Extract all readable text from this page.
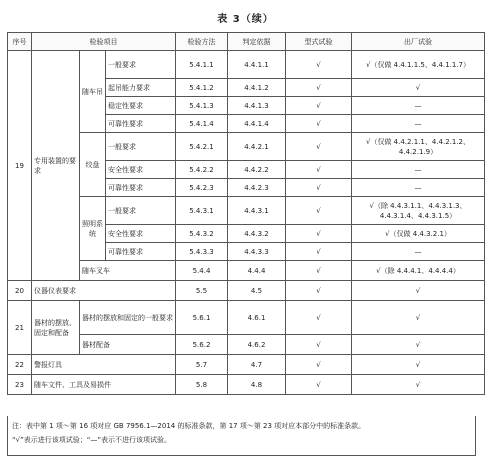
表 3（续）
序号	检验项目			检验方法	判定依据	型式试验	出厂试验
19	专用装置的要求	随车吊	一般要求	5.4.1.1	4.4.1.1	√	√（仅做 4.4.1.1.5、4.4.1.1.7）
			起吊能力要求	5.4.1.2	4.4.1.2	√	√
			稳定性要求	5.4.1.3	4.4.1.3	√	—
			可靠性要求	5.4.1.4	4.4.1.4	√	—
		绞盘	一般要求	5.4.2.1	4.4.2.1	√	√（仅做 4.4.2.1.1、4.4.2.1.2、4.4.2.1.9）
			安全性要求	5.4.2.2	4.4.2.2	√	—
			可靠性要求	5.4.2.3	4.4.2.3	√	—
		照明系统	一般要求	5.4.3.1	4.4.3.1	√	√（除 4.4.3.1.1、4.4.3.1.3、4.4.3.1.4、4.4.3.1.5）
			安全性要求	5.4.3.2	4.4.3.2	√	√（仅做 4.4.3.2.1）
			可靠性要求	5.4.3.3	4.4.3.3	√	—
		随车叉车		5.4.4	4.4.4	√	√（除 4.4.4.1、4.4.4.4）
20	仪器仪表要求			5.5	4.5	√	√
21	器材的摆放、固定和配备	器材的摆放和固定的一般要求		5.6.1	4.6.1	√	√
		器材配备		5.6.2	4.6.2	√	√
22	警报灯具			5.7	4.7	√	√
23	随车文件、工具及易损件			5.8	4.8	√	√

注：表中第 1 项～第 16 项对应 GB 7956.1—2014 的标准条款，第 17 项～第 23 项对应本部分中的标准条款。

“√”表示进行该项试验；“—”表示不进行该项试验。
